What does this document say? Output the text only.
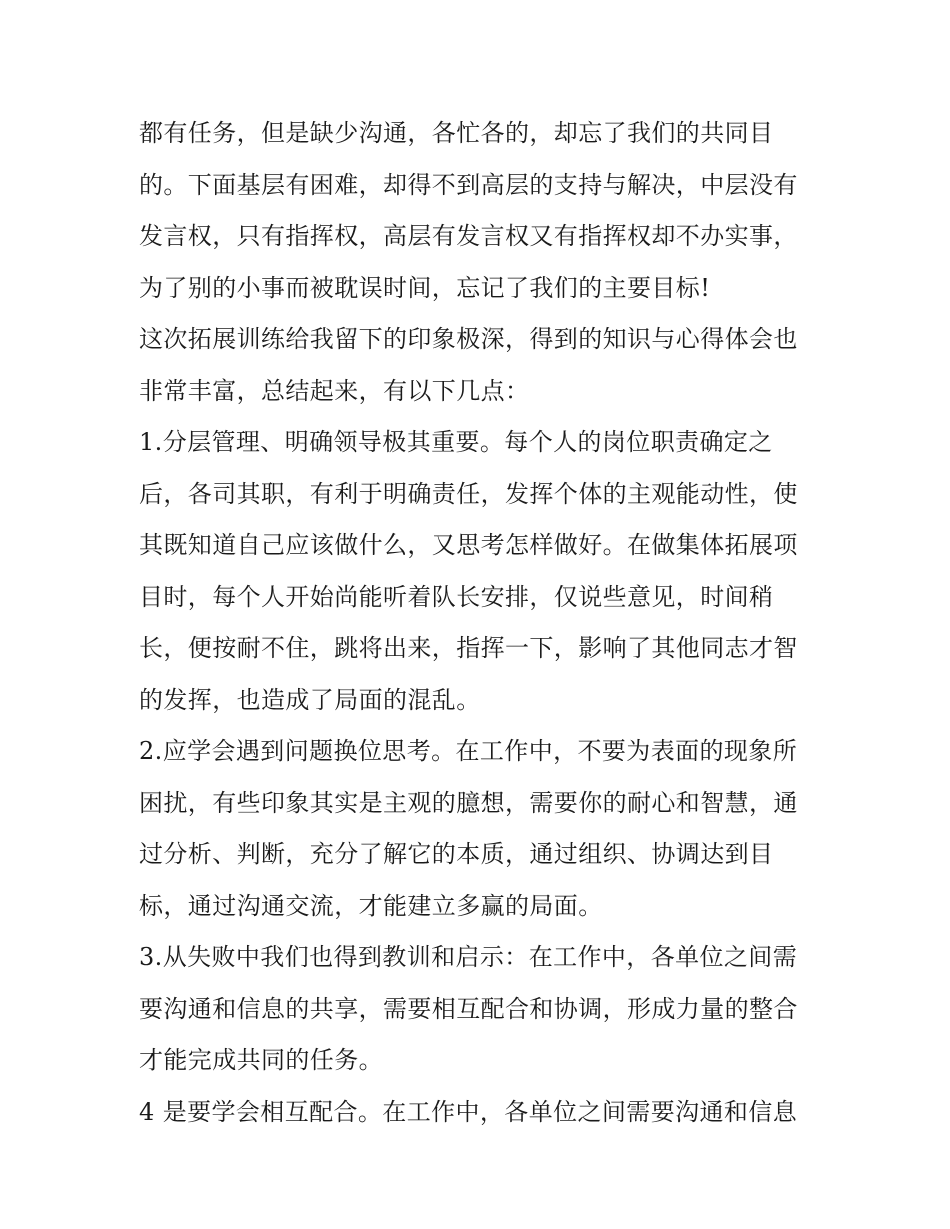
都有任务，但是缺少沟通，各忙各的，却忘了我们的共同目
的。下面基层有困难，却得不到高层的支持与解决，中层没有
发言权，只有指挥权，高层有发言权又有指挥权却不办实事，
为了别的小事而被耽误时间，忘记了我们的主要目标!
这次拓展训练给我留下的印象极深，得到的知识与心得体会也
非常丰富，总结起来，有以下几点：
1.分层管理、明确领导极其重要。每个人的岗位职责确定之
后，各司其职，有利于明确责任，发挥个体的主观能动性，使
其既知道自己应该做什么，又思考怎样做好。在做集体拓展项
目时，每个人开始尚能听着队长安排，仅说些意见，时间稍
长，便按耐不住，跳将出来，指挥一下，影响了其他同志才智
的发挥，也造成了局面的混乱。
2.应学会遇到问题换位思考。在工作中，不要为表面的现象所
困扰，有些印象其实是主观的臆想，需要你的耐心和智慧，通
过分析、判断，充分了解它的本质，通过组织、协调达到目
标，通过沟通交流，才能建立多赢的局面。
3.从失败中我们也得到教训和启示：在工作中，各单位之间需
要沟通和信息的共享，需要相互配合和协调，形成力量的整合
才能完成共同的任务。
4 是要学会相互配合。在工作中，各单位之间需要沟通和信息
